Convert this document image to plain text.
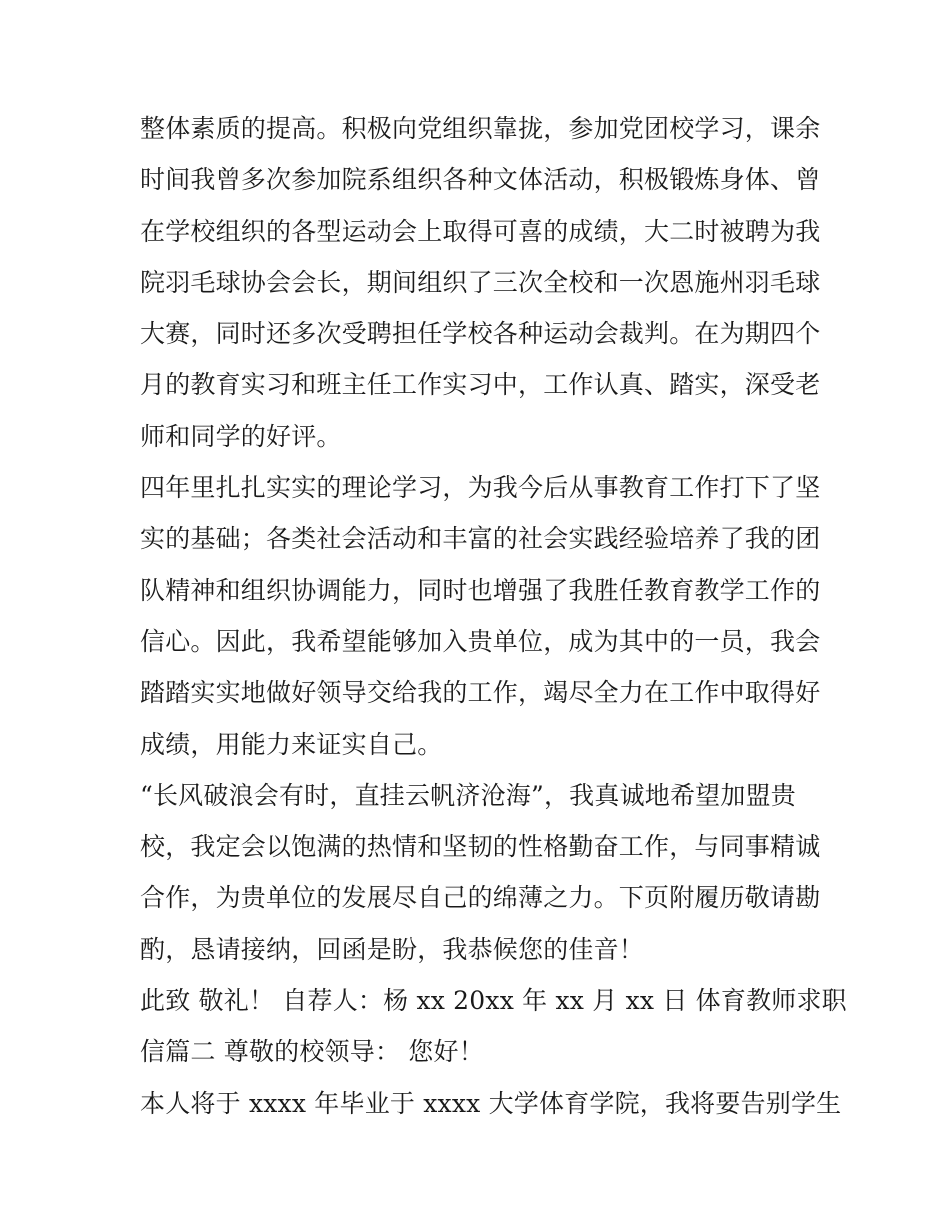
整体素质的提高。积极向党组织靠拢，参加党团校学习，课余
时间我曾多次参加院系组织各种文体活动，积极锻炼身体、曾
在学校组织的各型运动会上取得可喜的成绩，大二时被聘为我
院羽毛球协会会长，期间组织了三次全校和一次恩施州羽毛球
大赛，同时还多次受聘担任学校各种运动会裁判。在为期四个
月的教育实习和班主任工作实习中，工作认真、踏实，深受老
师和同学的好评。
四年里扎扎实实的理论学习，为我今后从事教育工作打下了坚
实的基础；各类社会活动和丰富的社会实践经验培养了我的团
队精神和组织协调能力，同时也增强了我胜任教育教学工作的
信心。因此，我希望能够加入贵单位，成为其中的一员，我会
踏踏实实地做好领导交给我的工作，竭尽全力在工作中取得好
成绩，用能力来证实自己。
“长风破浪会有时，直挂云帆济沧海”，我真诚地希望加盟贵
校，我定会以饱满的热情和坚韧的性格勤奋工作，与同事精诚
合作，为贵单位的发展尽自己的绵薄之力。下页附履历敬请勘
酌，恳请接纳，回函是盼，我恭候您的佳音！
此致 敬礼！ 自荐人：杨 xx 20xx 年 xx 月 xx 日 体育教师求职
信篇二 尊敬的校领导： 您好！
本人将于 xxxx 年毕业于 xxxx 大学体育学院，我将要告别学生
